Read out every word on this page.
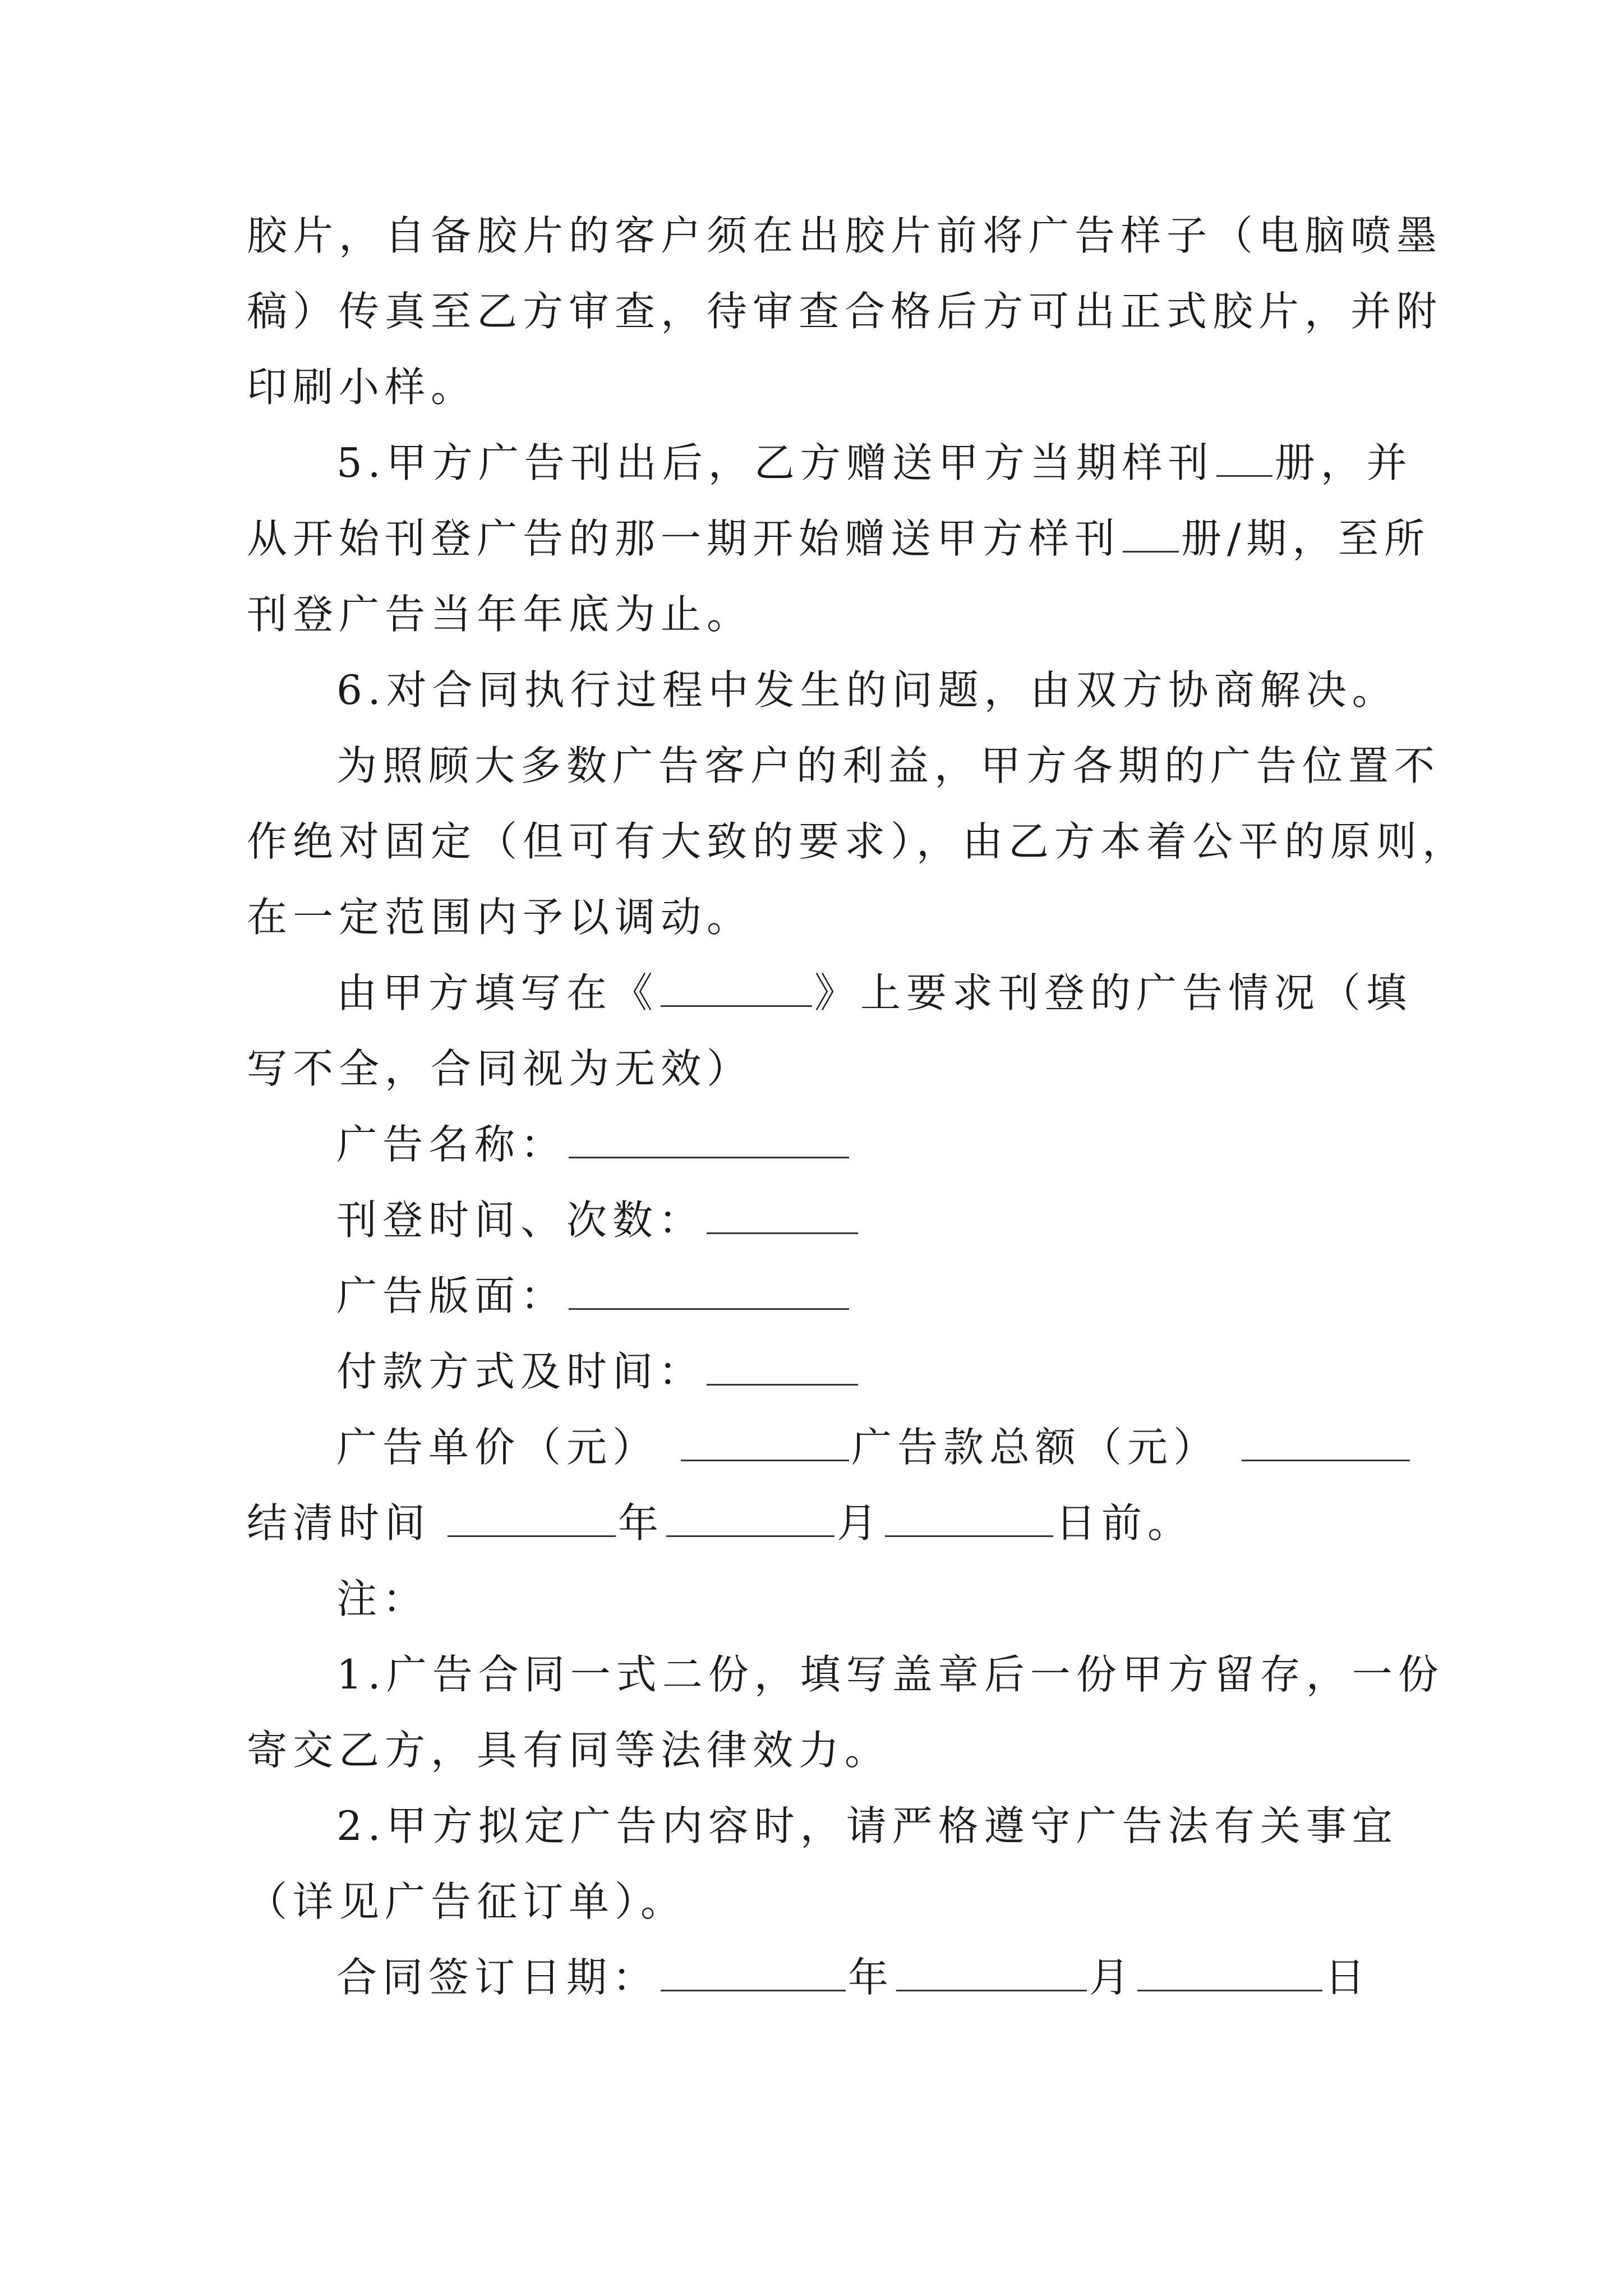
胶片，自备胶片的客户须在出胶片前将广告样子（电脑喷墨
稿）传真至乙方审查，待审查合格后方可出正式胶片，并附
印刷小样。
5.甲方广告刊出后，乙方赠送甲方当期样刊 册，并
从开始刊登广告的那一期开始赠送甲方样刊 册/期，至所
刊登广告当年年底为止。
6.对合同执行过程中发生的问题，由双方协商解决。
为照顾大多数广告客户的利益，甲方各期的广告位置不
作绝对固定（但可有大致的要求），由乙方本着公平的原则，
在一定范围内予以调动。
由甲方填写在《	》上要求刊登的广告情况（填
写不全，合同视为无效）
广告名称：
刊登时间、次数：
广告版面：
付款方式及时间：
广告单价（元）	广告款总额（元）
结清时间	年	月	日前。
注：
1.广告合同一式二份，填写盖章后一份甲方留存，一份
寄交乙方，具有同等法律效力。
2.甲方拟定广告内容时，请严格遵守广告法有关事宜
（详见广告征订单）。
合同签订日期：	年	月	日
